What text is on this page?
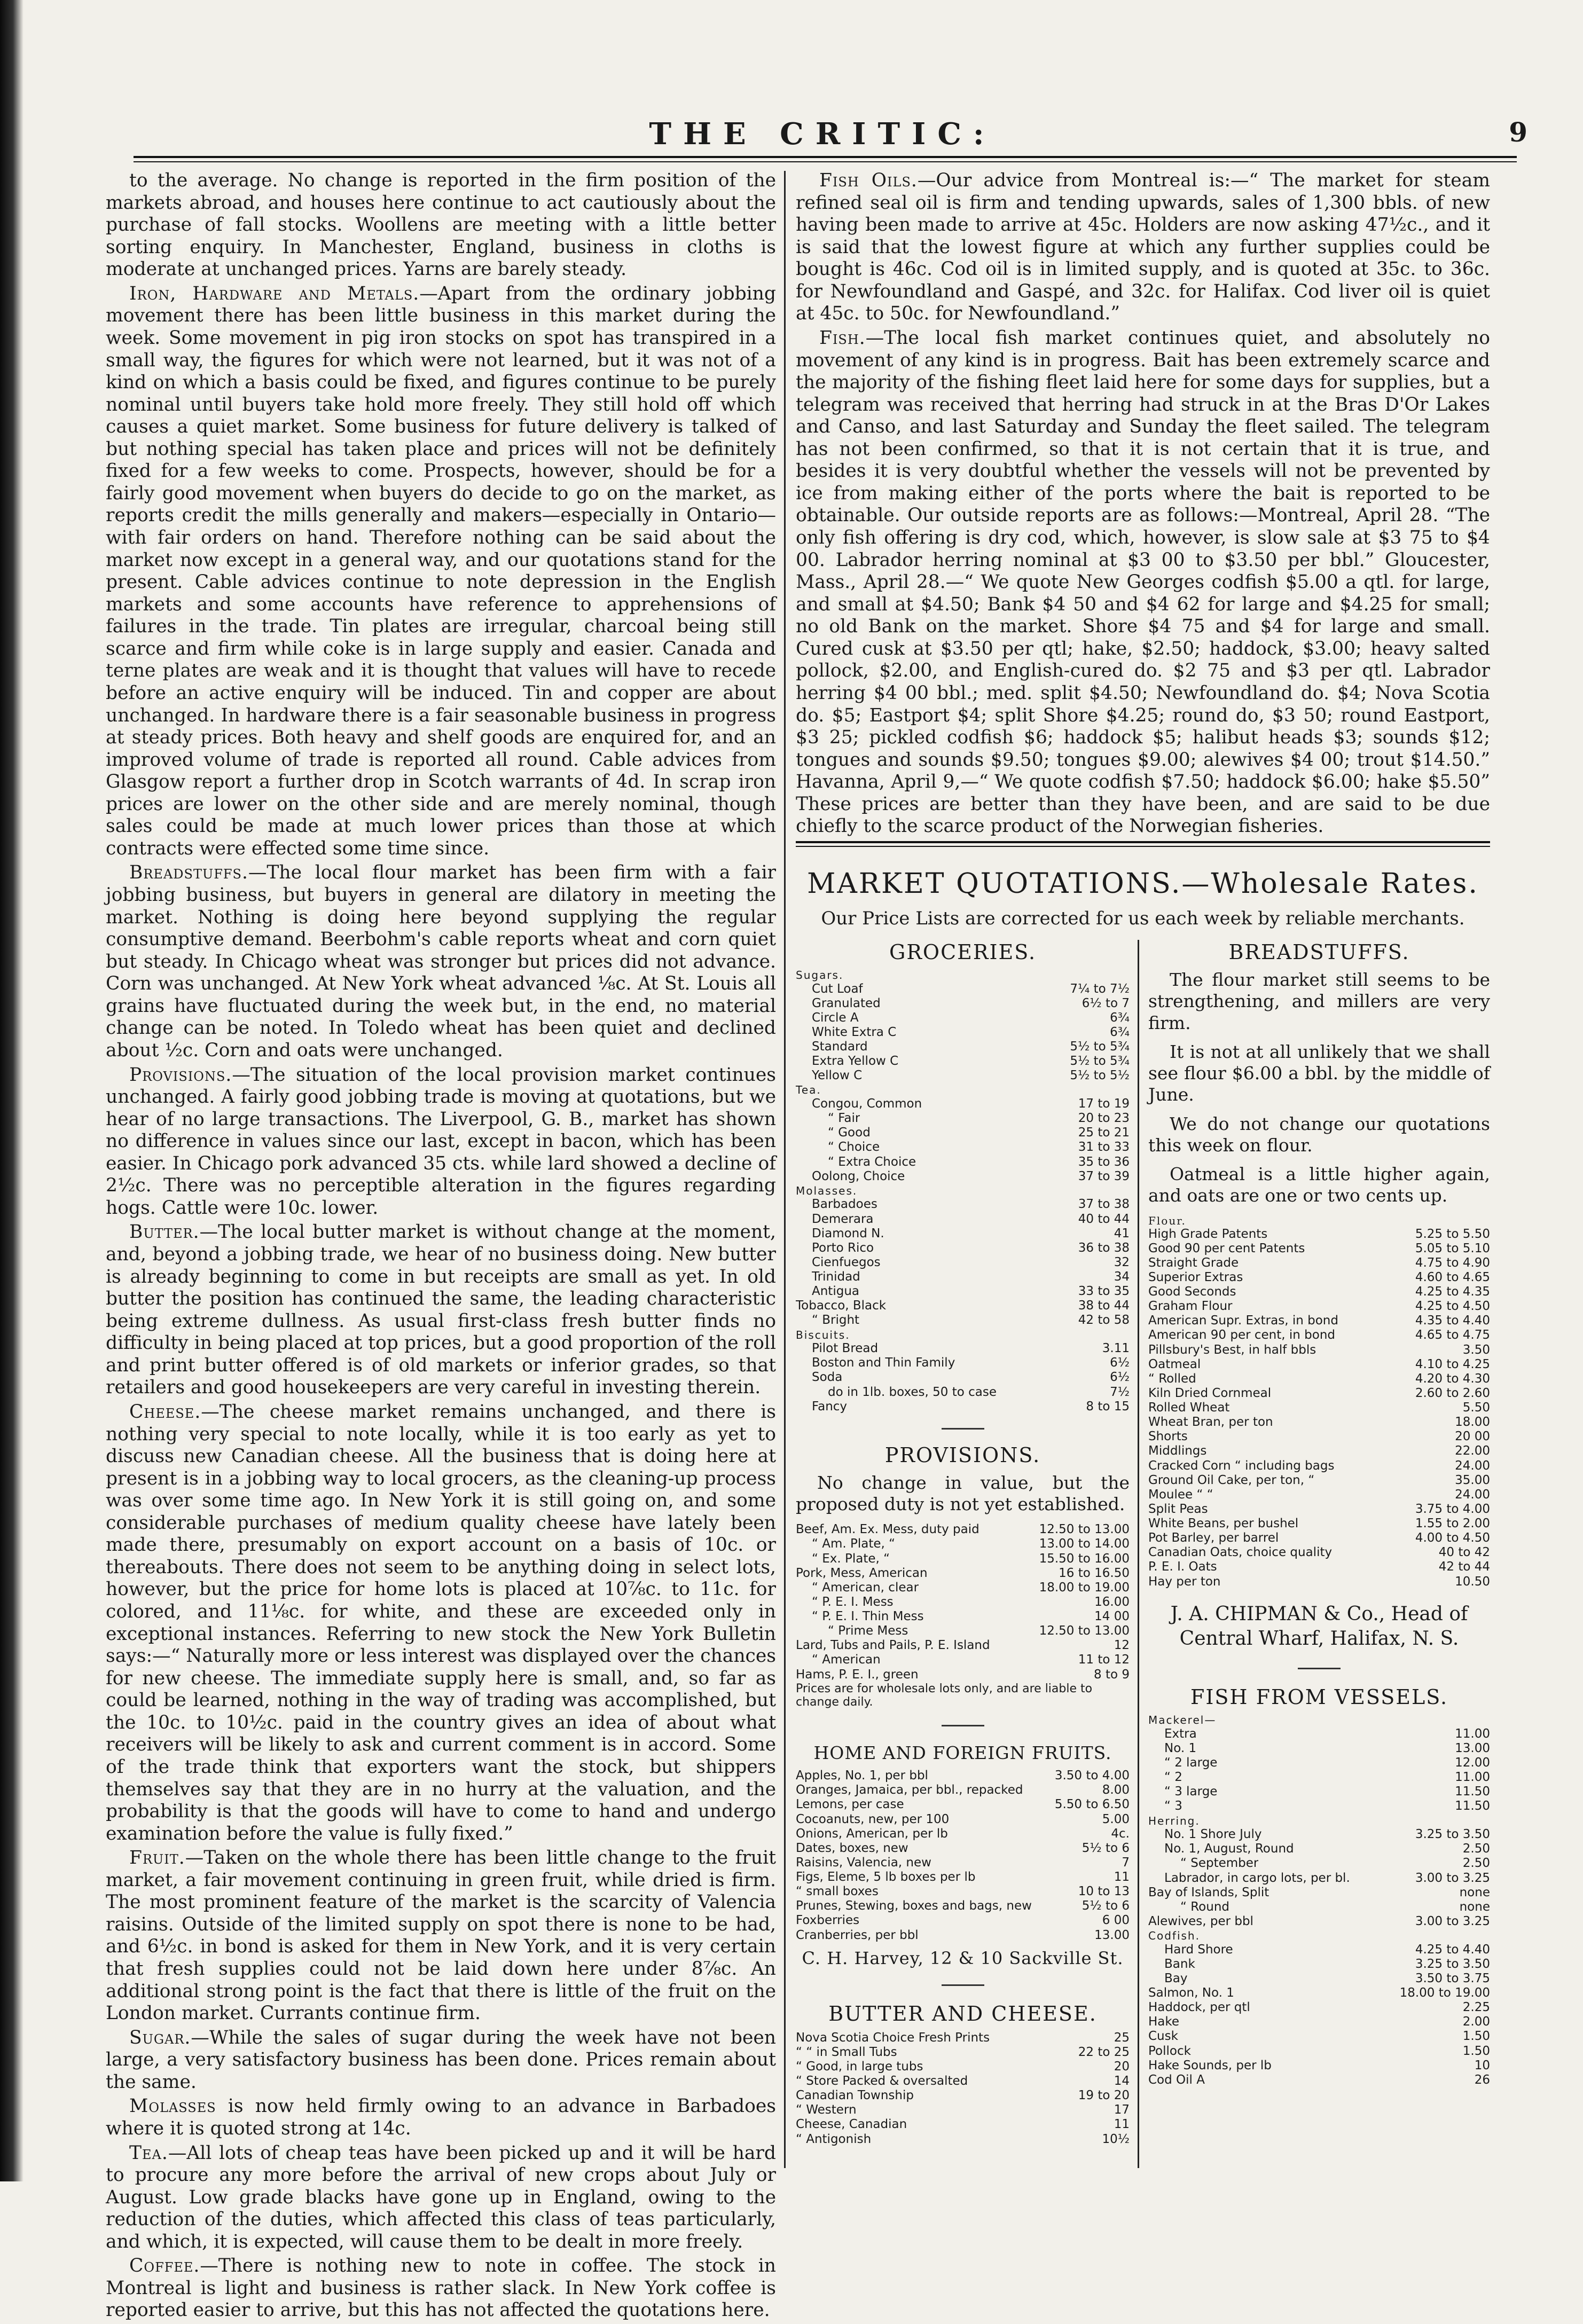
THE CRITIC:	9

to the average. No change is reported in the firm position of the markets abroad, and houses here continue to act cautiously about the purchase of fall stocks. Woollens are meeting with a little better sorting enquiry. In Manchester, England, business in cloths is moderate at unchanged prices. Yarns are barely steady.

Iron, Hardware and Metals.—Apart from the ordinary jobbing movement there has been little business in this market during the week. Some movement in pig iron stocks on spot has transpired in a small way, the figures for which were not learned, but it was not of a kind on which a basis could be fixed, and figures continue to be purely nominal until buyers take hold more freely. They still hold off which causes a quiet market. Some business for future delivery is talked of but nothing special has taken place and prices will not be definitely fixed for a few weeks to come. Prospects, however, should be for a fairly good movement when buyers do decide to go on the market, as reports credit the mills generally and makers—especially in Ontario—with fair orders on hand. Therefore nothing can be said about the market now except in a general way, and our quotations stand for the present. Cable advices continue to note depression in the English markets and some accounts have reference to apprehensions of failures in the trade. Tin plates are irregular, charcoal being still scarce and firm while coke is in large supply and easier. Canada and terne plates are weak and it is thought that values will have to recede before an active enquiry will be induced. Tin and copper are about unchanged. In hardware there is a fair seasonable business in progress at steady prices. Both heavy and shelf goods are enquired for, and an improved volume of trade is reported all round. Cable advices from Glasgow report a further drop in Scotch warrants of 4d. In scrap iron prices are lower on the other side and are merely nominal, though sales could be made at much lower prices than those at which contracts were effected some time since.

Breadstuffs.—The local flour market has been firm with a fair jobbing business, but buyers in general are dilatory in meeting the market. Nothing is doing here beyond supplying the regular consumptive demand. Beerbohm's cable reports wheat and corn quiet but steady. In Chicago wheat was stronger but prices did not advance. Corn was unchanged. At New York wheat advanced ⅛c. At St. Louis all grains have fluctuated during the week but, in the end, no material change can be noted. In Toledo wheat has been quiet and declined about ½c. Corn and oats were unchanged.

Provisions.—The situation of the local provision market continues unchanged. A fairly good jobbing trade is moving at quotations, but we hear of no large transactions. The Liverpool, G. B., market has shown no difference in values since our last, except in bacon, which has been easier. In Chicago pork advanced 35 cts. while lard showed a decline of 2½c. There was no perceptible alteration in the figures regarding hogs. Cattle were 10c. lower.

Butter.—The local butter market is without change at the moment, and, beyond a jobbing trade, we hear of no business doing. New butter is already beginning to come in but receipts are small as yet. In old butter the position has continued the same, the leading characteristic being extreme dullness. As usual first-class fresh butter finds no difficulty in being placed at top prices, but a good proportion of the roll and print butter offered is of old markets or inferior grades, so that retailers and good housekeepers are very careful in investing therein.

Cheese.—The cheese market remains unchanged, and there is nothing very special to note locally, while it is too early as yet to discuss new Canadian cheese. All the business that is doing here at present is in a jobbing way to local grocers, as the cleaning-up process was over some time ago. In New York it is still going on, and some considerable purchases of medium quality cheese have lately been made there, presumably on export account on a basis of 10c. or thereabouts. There does not seem to be anything doing in select lots, however, but the price for home lots is placed at 10⅞c. to 11c. for colored, and 11⅛c. for white, and these are exceeded only in exceptional instances. Referring to new stock the New York Bulletin says:—“ Naturally more or less interest was displayed over the chances for new cheese. The immediate supply here is small, and, so far as could be learned, nothing in the way of trading was accomplished, but the 10c. to 10½c. paid in the country gives an idea of about what receivers will be likely to ask and current comment is in accord. Some of the trade think that exporters want the stock, but shippers themselves say that they are in no hurry at the valuation, and the probability is that the goods will have to come to hand and undergo examination before the value is fully fixed.”

Fruit.—Taken on the whole there has been little change to the fruit market, a fair movement continuing in green fruit, while dried is firm. The most prominent feature of the market is the scarcity of Valencia raisins. Outside of the limited supply on spot there is none to be had, and 6½c. in bond is asked for them in New York, and it is very certain that fresh supplies could not be laid down here under 8⅞c. An additional strong point is the fact that there is little of the fruit on the London market. Currants continue firm.

Sugar.—While the sales of sugar during the week have not been large, a very satisfactory business has been done. Prices remain about the same.

Molasses is now held firmly owing to an advance in Barbadoes where it is quoted strong at 14c.

Tea.—All lots of cheap teas have been picked up and it will be hard to procure any more before the arrival of new crops about July or August. Low grade blacks have gone up in England, owing to the reduction of the duties, which affected this class of teas particularly, and which, it is expected, will cause them to be dealt in more freely.

Coffee.—There is nothing new to note in coffee. The stock in Montreal is light and business is rather slack. In New York coffee is reported easier to arrive, but this has not affected the quotations here.

Fish Oils.—Our advice from Montreal is:—“ The market for steam refined seal oil is firm and tending upwards, sales of 1,300 bbls. of new having been made to arrive at 45c. Holders are now asking 47½c., and it is said that the lowest figure at which any further supplies could be bought is 46c. Cod oil is in limited supply, and is quoted at 35c. to 36c. for Newfoundland and Gaspé, and 32c. for Halifax. Cod liver oil is quiet at 45c. to 50c. for Newfoundland.”

Fish.—The local fish market continues quiet, and absolutely no movement of any kind is in progress. Bait has been extremely scarce and the majority of the fishing fleet laid here for some days for supplies, but a telegram was received that herring had struck in at the Bras D'Or Lakes and Canso, and last Saturday and Sunday the fleet sailed. The telegram has not been confirmed, so that it is not certain that it is true, and besides it is very doubtful whether the vessels will not be prevented by ice from making either of the ports where the bait is reported to be obtainable. Our outside reports are as follows:—Montreal, April 28. “The only fish offering is dry cod, which, however, is slow sale at $3 75 to $4 00. Labrador herring nominal at $3 00 to $3.50 per bbl.” Gloucester, Mass., April 28.—“ We quote New Georges codfish $5.00 a qtl. for large, and small at $4.50; Bank $4 50 and $4 62 for large and $4.25 for small; no old Bank on the market. Shore $4 75 and $4 for large and small. Cured cusk at $3.50 per qtl; hake, $2.50; haddock, $3.00; heavy salted pollock, $2.00, and English-cured do. $2 75 and $3 per qtl. Labrador herring $4 00 bbl.; med. split $4.50; Newfoundland do. $4; Nova Scotia do. $5; Eastport $4; split Shore $4.25; round do, $3 50; round Eastport, $3 25; pickled codfish $6; haddock $5; halibut heads $3; sounds $12; tongues and sounds $9.50; tongues $9.00; alewives $4 00; trout $14.50.” Havanna, April 9,—“ We quote codfish $7.50; haddock $6.00; hake $5.50” These prices are better than they have been, and are said to be due chiefly to the scarce product of the Norwegian fisheries.

MARKET QUOTATIONS.—Wholesale Rates.
Our Price Lists are corrected for us each week by reliable merchants.
GROCERIES.
Sugars.
Cut Loaf	7¼ to 7½
Granulated	6½ to 7
Circle A	6¾
White Extra C	6¾
Standard	5½ to 5¾
Extra Yellow C	5½ to 5¾
Yellow C	5½ to 5½
Tea.
Congou, Common	17 to 19
“ Fair	20 to 23
“ Good	25 to 21
“ Choice	31 to 33
“ Extra Choice	35 to 36
Oolong, Choice	37 to 39
Molasses.
Barbadoes	37 to 38
Demerara	40 to 44
Diamond N.	41
Porto Rico	36 to 38
Cienfuegos	32
Trinidad	34
Antigua	33 to 35
Tobacco, Black	38 to 44
“ Bright	42 to 58
Biscuits.
Pilot Bread	3.11
Boston and Thin Family	6½
Soda	6½
do in 1lb. boxes, 50 to case	7½
Fancy	8 to 15
PROVISIONS.

No change in value, but the proposed duty is not yet established.

Beef, Am. Ex. Mess, duty paid	12.50 to 13.00
“ Am. Plate, “	13.00 to 14.00
“ Ex. Plate, “	15.50 to 16.00
Pork, Mess, American	16 to 16.50
“ American, clear	18.00 to 19.00
“ P. E. I. Mess	16.00
“ P. E. I. Thin Mess	14 00
“ Prime Mess	12.50 to 13.00
Lard, Tubs and Pails, P. E. Island	12
“ American	11 to 12
Hams, P. E. I., green	8 to 9
Prices are for wholesale lots only, and are liable to change daily.
HOME AND FOREIGN FRUITS.
Apples, No. 1, per bbl	3.50 to 4.00
Oranges, Jamaica, per bbl., repacked	8.00
Lemons, per case	5.50 to 6.50
Cocoanuts, new, per 100	5.00
Onions, American, per lb	4c.
Dates, boxes, new	5½ to 6
Raisins, Valencia, new	7
Figs, Eleme, 5 lb boxes per lb	11
“ small boxes	10 to 13
Prunes, Stewing, boxes and bags, new	5½ to 6
Foxberries	6 00
Cranberries, per bbl	13.00
C. H. Harvey, 12 & 10 Sackville St.
BUTTER AND CHEESE.
Nova Scotia Choice Fresh Prints	25
“ “ in Small Tubs	22 to 25
“ Good, in large tubs	20
“ Store Packed & oversalted	14
Canadian Township	19 to 20
“ Western	17
Cheese, Canadian	11
“ Antigonish	10½
BREADSTUFFS.

The flour market still seems to be strengthening, and millers are very firm.

It is not at all unlikely that we shall see flour $6.00 a bbl. by the middle of June.

We do not change our quotations this week on flour.

Oatmeal is a little higher again, and oats are one or two cents up.

Flour.
High Grade Patents	5.25 to 5.50
Good 90 per cent Patents	5.05 to 5.10
Straight Grade	4.75 to 4.90
Superior Extras	4.60 to 4.65
Good Seconds	4.25 to 4.35
Graham Flour	4.25 to 4.50
American Supr. Extras, in bond	4.35 to 4.40
American 90 per cent, in bond	4.65 to 4.75
Pillsbury's Best, in half bbls	3.50
Oatmeal	4.10 to 4.25
“ Rolled	4.20 to 4.30
Kiln Dried Cornmeal	2.60 to 2.60
Rolled Wheat	5.50
Wheat Bran, per ton	18.00
Shorts	20 00
Middlings	22.00
Cracked Corn “ including bags	24.00
Ground Oil Cake, per ton, “	35.00
Moulee “ “	24.00
Split Peas	3.75 to 4.00
White Beans, per bushel	1.55 to 2.00
Pot Barley, per barrel	4.00 to 4.50
Canadian Oats, choice quality	40 to 42
P. E. I. Oats	42 to 44
Hay per ton	10.50
J. A. CHIPMAN & Co., Head of Central Wharf, Halifax, N. S.
FISH FROM VESSELS.
Mackerel—
Extra	11.00
No. 1	13.00
“ 2 large	12.00
“ 2	11.00
“ 3 large	11.50
“ 3	11.50
Herring.
No. 1 Shore July	3.25 to 3.50
No. 1, August, Round	2.50
“ September	2.50
Labrador, in cargo lots, per bl.	3.00 to 3.25
Bay of Islands, Split	none
“ Round	none
Alewives, per bbl	3.00 to 3.25
Codfish.
Hard Shore	4.25 to 4.40
Bank	3.25 to 3.50
Bay	3.50 to 3.75
Salmon, No. 1	18.00 to 19.00
Haddock, per qtl	2.25
Hake	2.00
Cusk	1.50
Pollock	1.50
Hake Sounds, per lb	10
Cod Oil A	26
